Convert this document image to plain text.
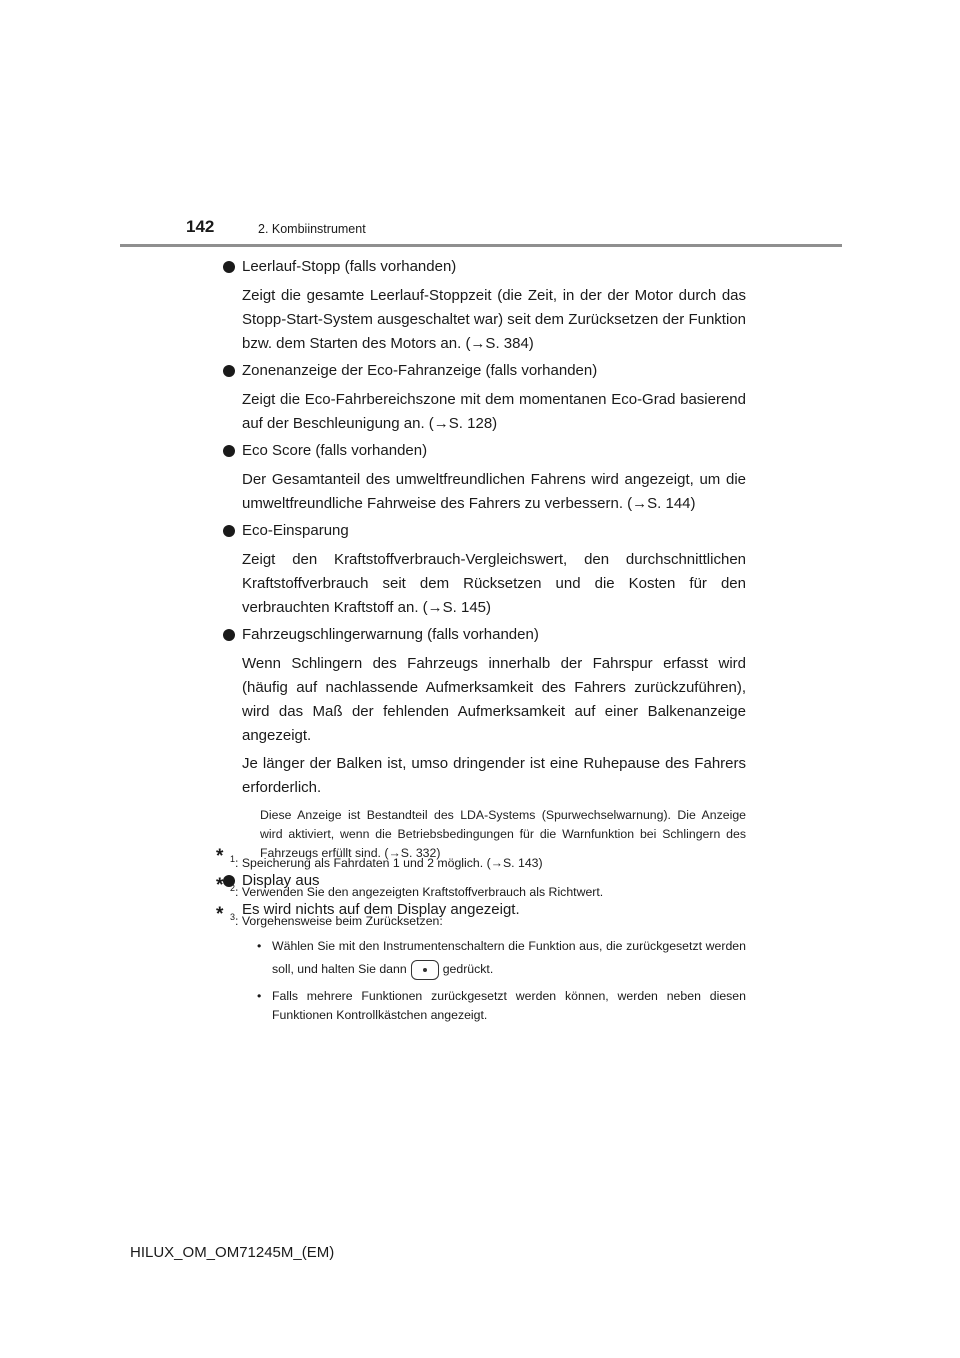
142	2. Kombiinstrument
Leerlauf-Stopp (falls vorhanden)
Zeigt die gesamte Leerlauf-Stoppzeit (die Zeit, in der der Motor durch das Stopp-Start-System ausgeschaltet war) seit dem Zurücksetzen der Funktion bzw. dem Starten des Motors an. (→S. 384)
Zonenanzeige der Eco-Fahranzeige (falls vorhanden)
Zeigt die Eco-Fahrbereichszone mit dem momentanen Eco-Grad basierend auf der Beschleunigung an. (→S. 128)
Eco Score (falls vorhanden)
Der Gesamtanteil des umweltfreundlichen Fahrens wird angezeigt, um die umweltfreundliche Fahrweise des Fahrers zu verbessern. (→S. 144)
Eco-Einsparung
Zeigt den Kraftstoffverbrauch-Vergleichswert, den durchschnittlichen Kraftstoffverbrauch seit dem Rücksetzen und die Kosten für den verbrauchten Kraftstoff an. (→S. 145)
Fahrzeugschlingerwarnung (falls vorhanden)
Wenn Schlingern des Fahrzeugs innerhalb der Fahrspur erfasst wird (häufig auf nachlassende Aufmerksamkeit des Fahrers zurückzuführen), wird das Maß der fehlenden Aufmerksamkeit auf einer Balkenanzeige angezeigt.
Je länger der Balken ist, umso dringender ist eine Ruhepause des Fahrers erforderlich.
Diese Anzeige ist Bestandteil des LDA-Systems (Spurwechselwarnung). Die Anzeige wird aktiviert, wenn die Betriebsbedingungen für die Warnfunktion bei Schlingern des Fahrzeugs erfüllt sind. (→S. 332)
Display aus
Es wird nichts auf dem Display angezeigt.
* $^1$: Speicherung als Fahrdaten 1 und 2 möglich. (→S. 143)
* $^2$: Verwenden Sie den angezeigten Kraftstoffverbrauch als Richtwert.
* $^3$: Vorgehensweise beim Zurücksetzen:
• Wählen Sie mit den Instrumentenschaltern die Funktion aus, die zurückgesetzt werden soll, und halten Sie dann	gedrückt.
• Falls mehrere Funktionen zurückgesetzt werden können, werden neben diesen Funktionen Kontrollkästchen angezeigt.
HILUX_OM_OM71245M_(EM)
